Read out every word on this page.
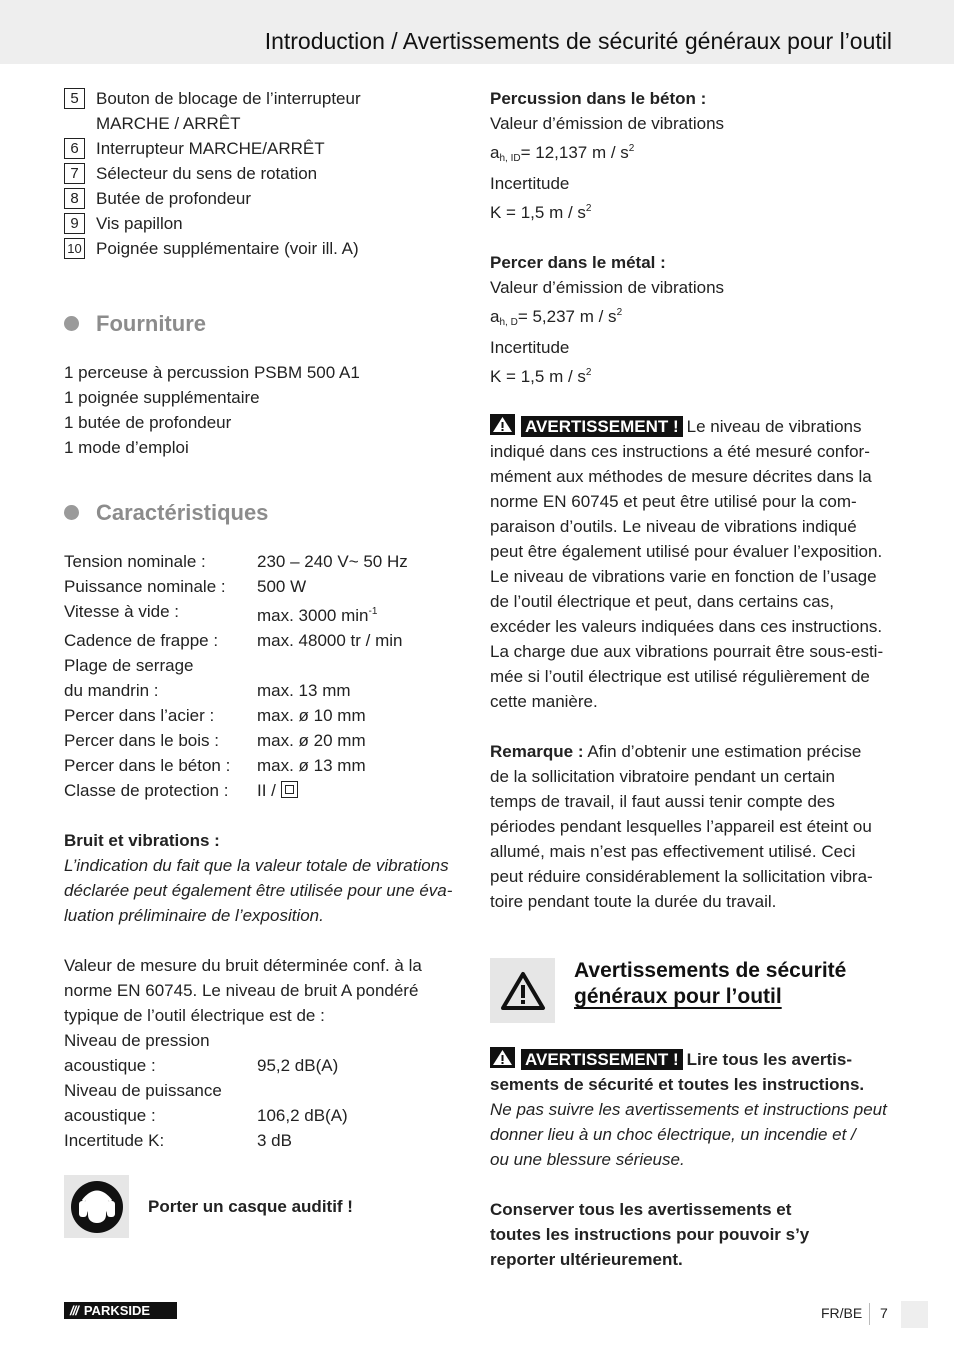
Introduction / Avertissements de sécurité généraux pour l’outil
5	Bouton de blocage de l’interrupteur
MARCHE / ARRÊT
6	Interrupteur MARCHE/ARRÊT
7	Sélecteur du sens de rotation
8	Butée de profondeur
9	Vis papillon
10 Poignée supplémentaire (voir ill. A)
Fourniture
1 perceuse à percussion PSBM 500 A1
1 poignée supplémentaire
1 butée de profondeur
1 mode d’emploi
Caractéristiques
Tension nominale :	230 – 240 V~ 50 Hz
Puissance nominale :	500 W
Vitesse à vide :	max. 3000 $\min^{-1}$
Cadence de frappe :	max. 48000 tr / min
Plage de serrage
du mandrin :	max. 13 mm
Percer dans l’acier :	max. ø 10 mm
Percer dans le bois :	max. ø 20 mm
Percer dans le béton :	max. ø 13 mm
Classe de protection :	II /
Bruit et vibrations :
L’indication du fait que la valeur totale de vibrations
déclarée peut également être utilisée pour une éva-
luation préliminaire de l’exposition.
Valeur de mesure du bruit déterminée conf. à la
norme EN 60745. Le niveau de bruit A pondéré
typique de l’outil électrique est de :
Niveau de pression
acoustique :	95,2 dB(A)
Niveau de puissance
acoustique :	106,2 dB(A)
Incertitude K:	3 dB
Porter un casque auditif !
Percussion dans le béton :
Valeur d’émission de vibrations
$a_{h, ID}= 12,137$ m / $s^2$
Incertitude
K = 1,5 m / $s^2$
Percer dans le métal :
Valeur d’émission de vibrations
$a_{h, D}= 5,237$ m / $s^2$
Incertitude
K = 1,5 m / $s^2$
AVERTISSEMENT ! Le niveau de vibrations
indiqué dans ces instructions a été mesuré confor-
mément aux méthodes de mesure décrites dans la
norme EN 60745 et peut être utilisé pour la com-
paraison d’outils. Le niveau de vibrations indiqué
peut être également utilisé pour évaluer l’exposition.
Le niveau de vibrations varie en fonction de l’usage
de l’outil électrique et peut, dans certains cas,
excéder les valeurs indiquées dans ces instructions.
La charge due aux vibrations pourrait être sous-esti-
mée si l’outil électrique est utilisé régulièrement de
cette manière.
Remarque : Afin d’obtenir une estimation précise
de la sollicitation vibratoire pendant un certain
temps de travail, il faut aussi tenir compte des
périodes pendant lesquelles l’appareil est éteint ou
allumé, mais n’est pas effectivement utilisé. Ceci
peut réduire considérablement la sollicitation vibra-
toire pendant toute la durée du travail.
Avertissements de sécurité
généraux pour l’outil
AVERTISSEMENT ! Lire tous les avertis-
sements de sécurité et toutes les instructions.
Ne pas suivre les avertissements et instructions peut
donner lieu à un choc électrique, un incendie et /
ou une blessure sérieuse.
Conserver tous les avertissements et
toutes les instructions pour pouvoir s’y
reporter ultérieurement.
/// PARKSIDE	FR/BE 7
